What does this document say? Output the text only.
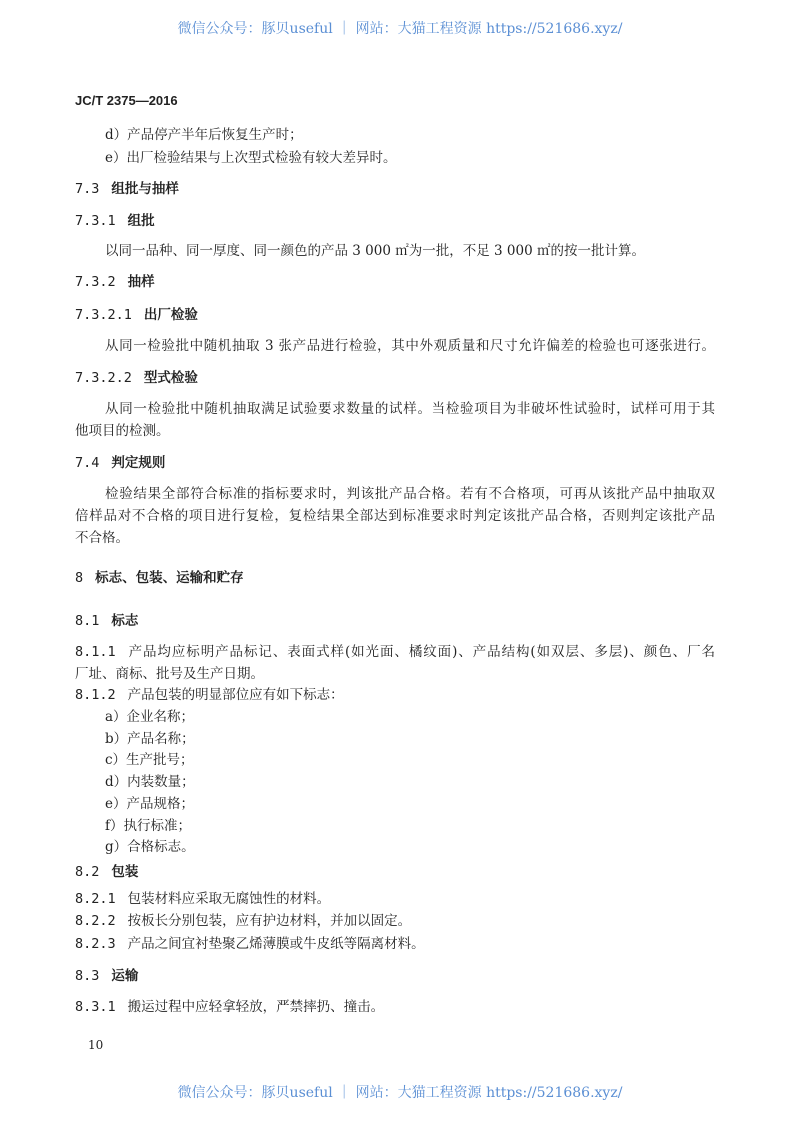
微信公众号：豚贝useful ｜ 网站：大猫工程资源 https://521686.xyz/
JC/T 2375—2016
d）产品停产半年后恢复生产时；
e）出厂检验结果与上次型式检验有较大差异时。
7.3 组批与抽样
7.3.1 组批
以同一品种、同一厚度、同一颜色的产品 3 000 ㎡为一批，不足 3 000 ㎡的按一批计算。
7.3.2 抽样
7.3.2.1 出厂检验
从同一检验批中随机抽取 3 张产品进行检验，其中外观质量和尺寸允许偏差的检验也可逐张进行。
7.3.2.2 型式检验
从同一检验批中随机抽取满足试验要求数量的试样。当检验项目为非破坏性试验时，试样可用于其
他项目的检测。
7.4 判定规则
检验结果全部符合标准的指标要求时，判该批产品合格。若有不合格项，可再从该批产品中抽取双
倍样品对不合格的项目进行复检，复检结果全部达到标准要求时判定该批产品合格，否则判定该批产品
不合格。
8 标志、包装、运输和贮存
8.1 标志
8.1.1 产品均应标明产品标记、表面式样(如光面、橘纹面)、产品结构(如双层、多层)、颜色、厂名
厂址、商标、批号及生产日期。
8.1.2 产品包装的明显部位应有如下标志：
a）企业名称；
b）产品名称；
c）生产批号；
d）内装数量；
e）产品规格；
f）执行标准；
g）合格标志。
8.2 包装
8.2.1 包装材料应采取无腐蚀性的材料。
8.2.2 按板长分别包装，应有护边材料，并加以固定。
8.2.3 产品之间宜衬垫聚乙烯薄膜或牛皮纸等隔离材料。
8.3 运输
8.3.1 搬运过程中应轻拿轻放，严禁摔扔、撞击。
10
微信公众号：豚贝useful ｜ 网站：大猫工程资源 https://521686.xyz/
